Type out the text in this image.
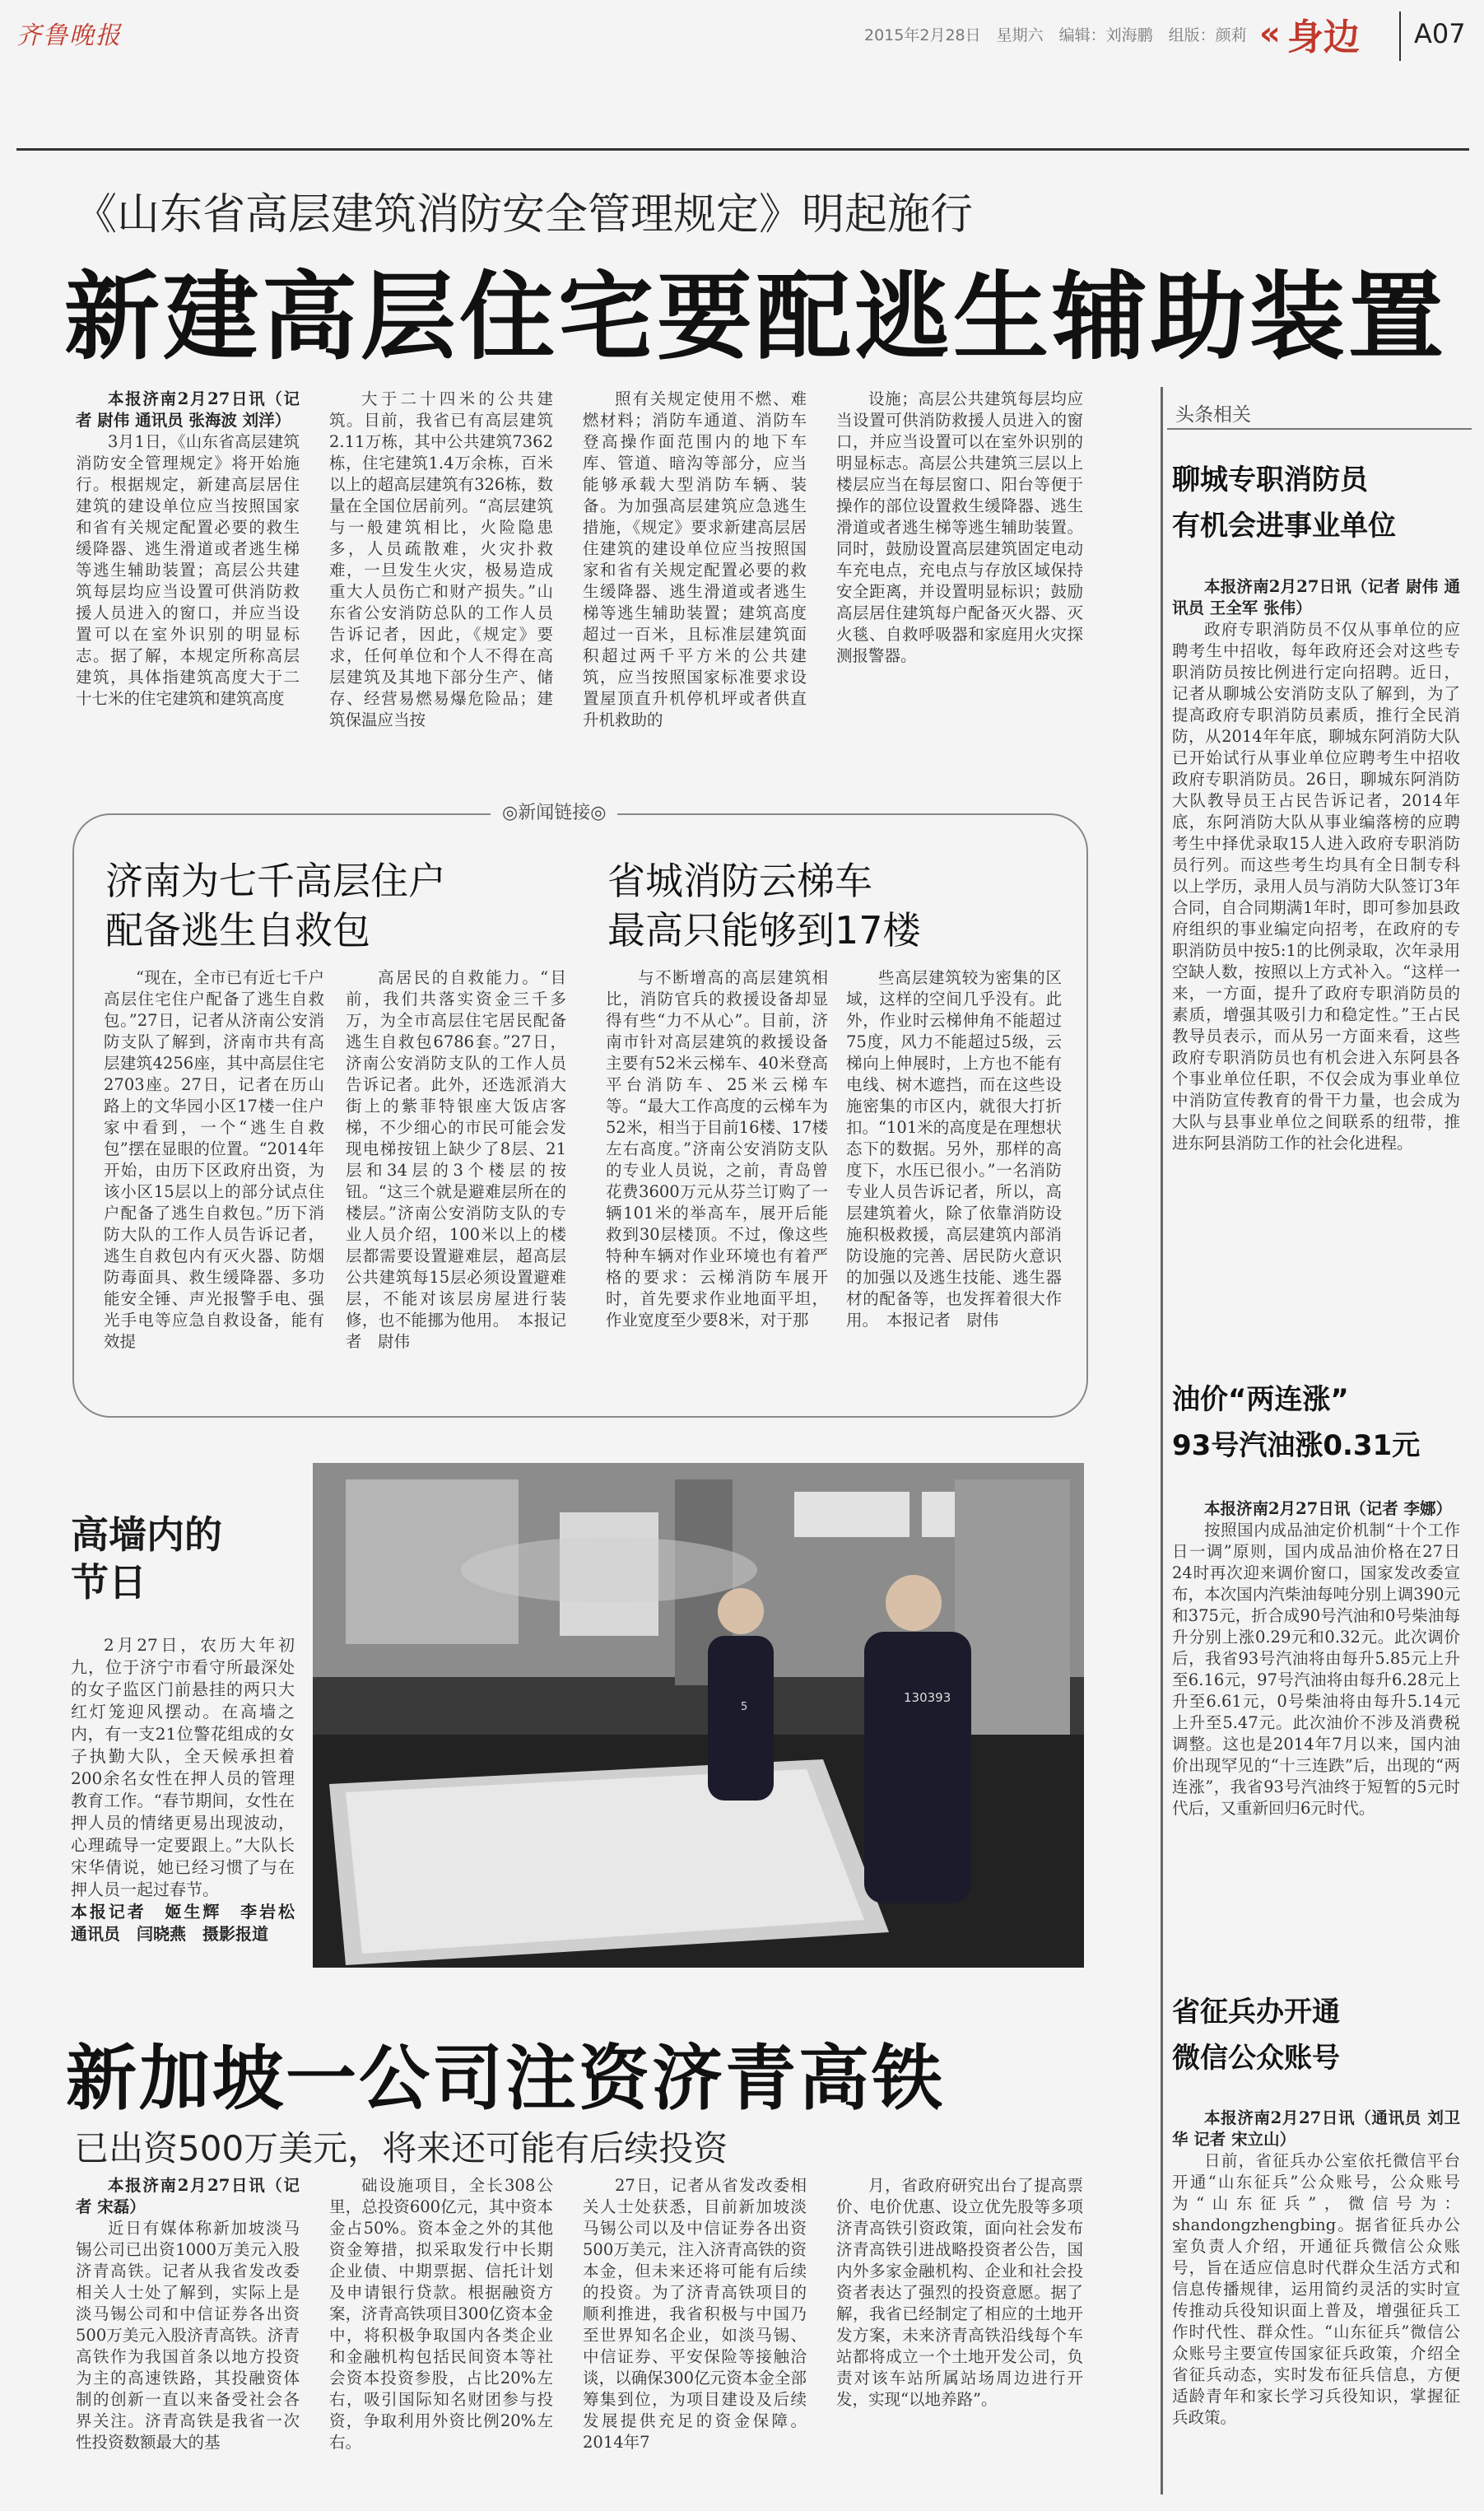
齐鲁晚报	2015年2月28日　星期六　编辑：刘海鹏　组版：颜莉 « 身边 A07
《山东省高层建筑消防安全管理规定》明起施行
新建高层住宅要配逃生辅助装置

本报济南2月27日讯（记者 尉伟 通讯员 张海波 刘洋）

3月1日，《山东省高层建筑消防安全管理规定》将开始施行。根据规定，新建高层居住建筑的建设单位应当按照国家和省有关规定配置必要的救生缓降器、逃生滑道或者逃生梯等逃生辅助装置；高层公共建筑每层均应当设置可供消防救援人员进入的窗口，并应当设置可以在室外识别的明显标志。据了解，本规定所称高层建筑，具体指建筑高度大于二十七米的住宅建筑和建筑高度

大于二十四米的公共建筑。目前，我省已有高层建筑2.11万栋，其中公共建筑7362栋，住宅建筑1.4万余栋，百米以上的超高层建筑有326栋，数量在全国位居前列。“高层建筑与一般建筑相比，火险隐患多，人员疏散难，火灾扑救难，一旦发生火灾，极易造成重大人员伤亡和财产损失。”山东省公安消防总队的工作人员告诉记者，因此，《规定》要求，任何单位和个人不得在高层建筑及其地下部分生产、储存、经营易燃易爆危险品；建筑保温应当按

照有关规定使用不燃、难燃材料；消防车通道、消防车登高操作面范围内的地下车库、管道、暗沟等部分，应当能够承载大型消防车辆、装备。为加强高层建筑应急逃生措施，《规定》要求新建高层居住建筑的建设单位应当按照国家和省有关规定配置必要的救生缓降器、逃生滑道或者逃生梯等逃生辅助装置；建筑高度超过一百米，且标准层建筑面积超过两千平方米的公共建筑，应当按照国家标准要求设置屋顶直升机停机坪或者供直升机救助的

设施；高层公共建筑每层均应当设置可供消防救援人员进入的窗口，并应当设置可以在室外识别的明显标志。高层公共建筑三层以上楼层应当在每层窗口、阳台等便于操作的部位设置救生缓降器、逃生滑道或者逃生梯等逃生辅助装置。同时，鼓励设置高层建筑固定电动车充电点，充电点与存放区域保持安全距离，并设置明显标识；鼓励高层居住建筑每户配备灭火器、灭火毯、自救呼吸器和家庭用火灾探测报警器。

◎新闻链接◎
济南为七千高层住户
配备逃生自救包
省城消防云梯车
最高只能够到17楼

“现在，全市已有近七千户高层住宅住户配备了逃生自救包。”27日，记者从济南公安消防支队了解到，济南市共有高层建筑4256座，其中高层住宅2703座。27日，记者在历山路上的文华园小区17楼一住户家中看到，一个“逃生自救包”摆在显眼的位置。“2014年开始，由历下区政府出资，为该小区15层以上的部分试点住户配备了逃生自救包。”历下消防大队的工作人员告诉记者，逃生自救包内有灭火器、防烟防毒面具、救生缓降器、多功能安全锤、声光报警手电、强光手电等应急自救设备，能有效提

高居民的自救能力。“目前，我们共落实资金三千多万，为全市高层住宅居民配备逃生自救包6786套。”27日，济南公安消防支队的工作人员告诉记者。此外，还选派消大街上的紫菲特银座大饭店客梯，不少细心的市民可能会发现电梯按钮上缺少了8层、21层和34层的3个楼层的按钮。“这三个就是避难层所在的楼层。”济南公安消防支队的专业人员介绍，100米以上的楼层都需要设置避难层，超高层公共建筑每15层必须设置避难层，不能对该层房屋进行装修，也不能挪为他用。　本报记者　尉伟

与不断增高的高层建筑相比，消防官兵的救援设备却显得有些“力不从心”。目前，济南市针对高层建筑的救援设备主要有52米云梯车、40米登高平台消防车、25米云梯车等。“最大工作高度的云梯车为52米，相当于目前16楼、17楼左右高度。”济南公安消防支队的专业人员说，之前，青岛曾花费3600万元从芬兰订购了一辆101米的举高车，展开后能救到30层楼顶。不过，像这些特种车辆对作业环境也有着严格的要求：云梯消防车展开时，首先要求作业地面平坦，作业宽度至少要8米，对于那

些高层建筑较为密集的区域，这样的空间几乎没有。此外，作业时云梯伸角不能超过75度，风力不能超过5级，云梯向上伸展时，上方也不能有电线、树木遮挡，而在这些设施密集的市区内，就很大打折扣。“101米的高度是在理想状态下的数据。另外，那样的高度下，水压已很小。”一名消防专业人员告诉记者，所以，高层建筑着火，除了依靠消防设施积极救援，高层建筑内部消防设施的完善、居民防火意识的加强以及逃生技能、逃生器材的配备等，也发挥着很大作用。　本报记者　尉伟

高墙内的
节日

2月27日，农历大年初九，位于济宁市看守所最深处的女子监区门前悬挂的两只大红灯笼迎风摆动。在高墙之内，有一支21位警花组成的女子执勤大队，全天候承担着200余名女性在押人员的管理教育工作。“春节期间，女性在押人员的情绪更易出现波动，心理疏导一定要跟上。”大队长宋华倩说，她已经习惯了与在押人员一起过春节。

本报记者　姬生辉　李岩松　通讯员　闫晓燕　摄影报道

130393
5
新加坡一公司注资济青高铁
已出资500万美元，将来还可能有后续投资

本报济南2月27日讯（记者 宋磊）

近日有媒体称新加坡淡马锡公司已出资1000万美元入股济青高铁。记者从我省发改委相关人士处了解到，实际上是淡马锡公司和中信证券各出资500万美元入股济青高铁。济青高铁作为我国首条以地方投资为主的高速铁路，其投融资体制的创新一直以来备受社会各界关注。济青高铁是我省一次性投资数额最大的基

础设施项目，全长308公里，总投资600亿元，其中资本金占50%。资本金之外的其他资金筹措，拟采取发行中长期企业债、中期票据、信托计划及申请银行贷款。根据融资方案，济青高铁项目300亿资本金中，将积极争取国内各类企业和金融机构包括民间资本等社会资本投资参股，占比20%左右，吸引国际知名财团参与投资，争取利用外资比例20%左右。

27日，记者从省发改委相关人士处获悉，目前新加坡淡马锡公司以及中信证券各出资500万美元，注入济青高铁的资本金，但未来还将可能有后续的投资。为了济青高铁项目的顺利推进，我省积极与中国乃至世界知名企业，如淡马锡、中信证券、平安保险等接触洽谈，以确保300亿元资本金全部筹集到位，为项目建设及后续发展提供充足的资金保障。2014年7

月，省政府研究出台了提高票价、电价优惠、设立优先股等多项济青高铁引资政策，面向社会发布济青高铁引进战略投资者公告，国内外多家金融机构、企业和社会投资者表达了强烈的投资意愿。据了解，我省已经制定了相应的土地开发方案，未来济青高铁沿线每个车站都将成立一个土地开发公司，负责对该车站所属站场周边进行开发，实现“以地养路”。

头条相关
聊城专职消防员
有机会进事业单位

本报济南2月27日讯（记者 尉伟 通讯员 王全军 张伟）

政府专职消防员不仅从事单位的应聘考生中招收，每年政府还会对这些专职消防员按比例进行定向招聘。近日，记者从聊城公安消防支队了解到，为了提高政府专职消防员素质，推行全民消防，从2014年年底，聊城东阿消防大队已开始试行从事业单位应聘考生中招收政府专职消防员。26日，聊城东阿消防大队教导员王占民告诉记者，2014年底，东阿消防大队从事业编落榜的应聘考生中择优录取15人进入政府专职消防员行列。而这些考生均具有全日制专科以上学历，录用人员与消防大队签订3年合同，自合同期满1年时，即可参加县政府组织的事业编定向招考，在政府的专职消防员中按5:1的比例录取，次年录用空缺人数，按照以上方式补入。“这样一来，一方面，提升了政府专职消防员的素质，增强其吸引力和稳定性。”王占民教导员表示，而从另一方面来看，这些政府专职消防员也有机会进入东阿县各个事业单位任职，不仅会成为事业单位中消防宣传教育的骨干力量，也会成为大队与县事业单位之间联系的纽带，推进东阿县消防工作的社会化进程。

油价“两连涨”
93号汽油涨0.31元

本报济南2月27日讯（记者 李娜）

按照国内成品油定价机制“十个工作日一调”原则，国内成品油价格在27日24时再次迎来调价窗口，国家发改委宣布，本次国内汽柴油每吨分别上调390元和375元，折合成90号汽油和0号柴油每升分别上涨0.29元和0.32元。此次调价后，我省93号汽油将由每升5.85元上升至6.16元，97号汽油将由每升6.28元上升至6.61元，0号柴油将由每升5.14元上升至5.47元。此次油价不涉及消费税调整。这也是2014年7月以来，国内油价出现罕见的“十三连跌”后，出现的“两连涨”，我省93号汽油终于短暂的5元时代后，又重新回归6元时代。

省征兵办开通
微信公众账号

本报济南2月27日讯（通讯员 刘卫华 记者 宋立山）

日前，省征兵办公室依托微信平台开通“山东征兵”公众账号，公众账号为“山东征兵”，微信号为：shandongzhengbing。据省征兵办公室负责人介绍，开通征兵微信公众账号，旨在适应信息时代群众生活方式和信息传播规律，运用简约灵活的实时宣传推动兵役知识面上普及，增强征兵工作时代性、群众性。“山东征兵”微信公众账号主要宣传国家征兵政策，介绍全省征兵动态，实时发布征兵信息，方便适龄青年和家长学习兵役知识，掌握征兵政策。
